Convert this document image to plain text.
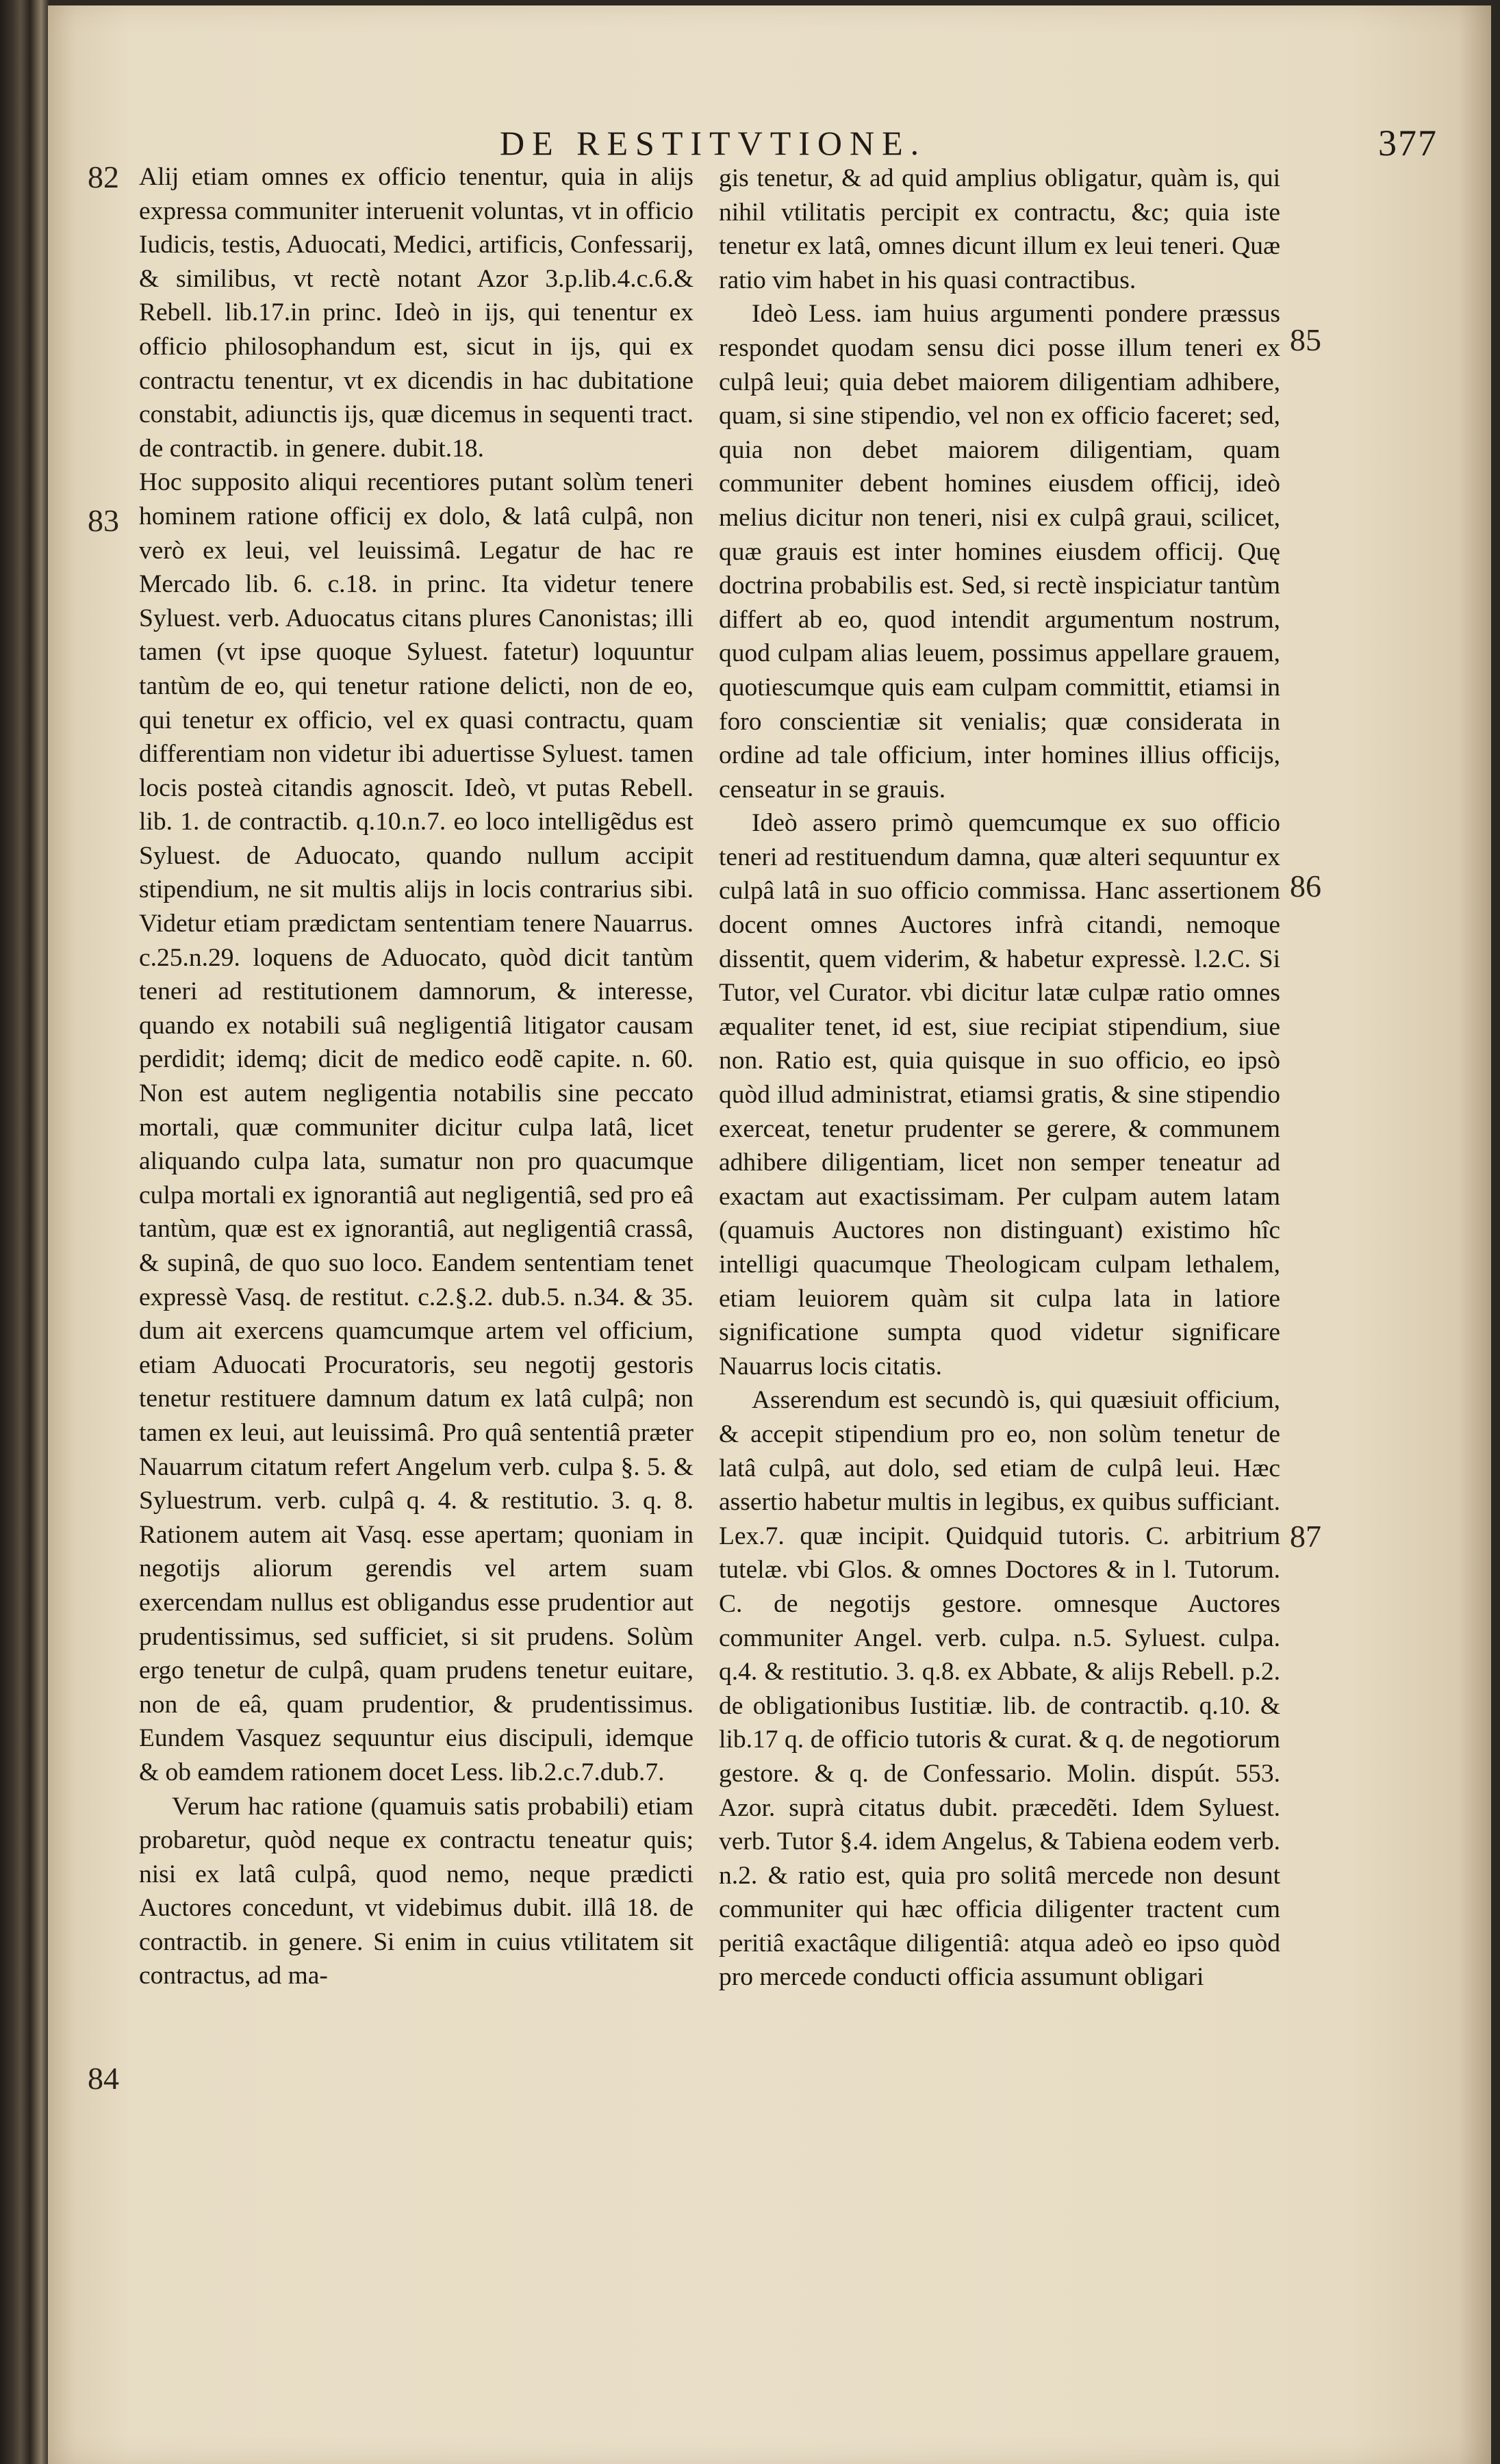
DE RESTITVTIONE.	377
82
83
84
85
86
87

Alij etiam omnes ex officio tenentur, quia in alijs expressa communiter interuenit voluntas, vt in officio Iudicis, testis, Aduocati, Medici, artificis, Confessarij, & similibus, vt rectè notant Azor 3.p.lib.4.c.6.& Rebell. lib.17.in princ. Ideò in ijs, qui tenentur ex officio philosophandum est, sicut in ijs, qui ex contractu tenentur, vt ex dicendis in hac dubitatione constabit, adiunctis ijs, quæ dicemus in sequenti tract. de contractib. in genere. dubit.18.

Hoc supposito aliqui recentiores putant solùm teneri hominem ratione officij ex dolo, & latâ culpâ, non verò ex leui, vel leuissimâ. Legatur de hac re Mercado lib. 6. c.18. in princ. Ita videtur tenere Syluest. verb. Aduocatus citans plures Canonistas; illi tamen (vt ipse quoque Syluest. fatetur) loquuntur tantùm de eo, qui tenetur ratione delicti, non de eo, qui tenetur ex officio, vel ex quasi contractu, quam differentiam non videtur ibi aduertisse Syluest. tamen locis posteà citandis agnoscit. Ideò, vt putas Rebell. lib. 1. de contractib. q.10.n.7. eo loco intelligẽdus est Syluest. de Aduocato, quando nullum accipit stipendium, ne sit multis alijs in locis contrarius sibi. Videtur etiam prædictam sententiam tenere Nauarrus. c.25.n.29. loquens de Aduocato, quòd dicit tantùm teneri ad restitutionem damnorum, & interesse, quando ex notabili suâ negligentiâ litigator causam perdidit; idemq; dicit de medico eodẽ capite. n. 60. Non est autem negligentia notabilis sine peccato mortali, quæ communiter dicitur culpa latâ, licet aliquando culpa lata, sumatur non pro quacumque culpa mortali ex ignorantiâ aut negligentiâ, sed pro eâ tantùm, quæ est ex ignorantiâ, aut negligentiâ crassâ, & supinâ, de quo suo loco. Eandem sententiam tenet expressè Vasq. de restitut. c.2.§.2. dub.5. n.34. & 35. dum ait exercens quamcumque artem vel officium, etiam Aduocati Procuratoris, seu negotij gestoris tenetur restituere damnum datum ex latâ culpâ; non tamen ex leui, aut leuissimâ. Pro quâ sententiâ præter Nauarrum citatum refert Angelum verb. culpa §. 5. & Syluestrum. verb. culpâ q. 4. & restitutio. 3. q. 8. Rationem autem ait Vasq. esse apertam; quoniam in negotijs aliorum gerendis vel artem suam exercendam nullus est obligandus esse prudentior aut prudentissimus, sed sufficiet, si sit prudens. Solùm ergo tenetur de culpâ, quam prudens tenetur euitare, non de eâ, quam prudentior, & prudentissimus. Eundem Vasquez sequuntur eius discipuli, idemque & ob eamdem rationem docet Less. lib.2.c.7.dub.7.

Verum hac ratione (quamuis satis probabili) etiam probaretur, quòd neque ex contractu teneatur quis; nisi ex latâ culpâ, quod nemo, neque prædicti Auctores concedunt, vt videbimus dubit. illâ 18. de contractib. in genere. Si enim in cuius vtilitatem sit contractus, ad ma-

gis tenetur, & ad quid amplius obligatur, quàm is, qui nihil vtilitatis percipit ex contractu, &c; quia iste tenetur ex latâ, omnes dicunt illum ex leui teneri. Quæ ratio vim habet in his quasi contractibus.

Ideò Less. iam huius argumenti pondere præssus respondet quodam sensu dici posse illum teneri ex culpâ leui; quia debet maiorem diligentiam adhibere, quam, si sine stipendio, vel non ex officio faceret; sed, quia non debet maiorem diligentiam, quam communiter debent homines eiusdem officij, ideò melius dicitur non teneri, nisi ex culpâ graui, scilicet, quæ grauis est inter homines eiusdem officij. Quę doctrina probabilis est. Sed, si rectè inspiciatur tantùm differt ab eo, quod intendit argumentum nostrum, quod culpam alias leuem, possimus appellare grauem, quotiescumque quis eam culpam committit, etiamsi in foro conscientiæ sit venialis; quæ considerata in ordine ad tale officium, inter homines illius officijs, censeatur in se grauis.

Ideò assero primò quemcumque ex suo officio teneri ad restituendum damna, quæ alteri sequuntur ex culpâ latâ in suo officio commissa. Hanc assertionem docent omnes Auctores infrà citandi, nemoque dissentit, quem viderim, & habetur expressè. l.2.C. Si Tutor, vel Curator. vbi dicitur latæ culpæ ratio omnes æqualiter tenet, id est, siue recipiat stipendium, siue non. Ratio est, quia quisque in suo officio, eo ipsò quòd illud administrat, etiamsi gratis, & sine stipendio exerceat, tenetur prudenter se gerere, & communem adhibere diligentiam, licet non semper teneatur ad exactam aut exactissimam. Per culpam autem latam (quamuis Auctores non distinguant) existimo hîc intelligi quacumque Theologicam culpam lethalem, etiam leuiorem quàm sit culpa lata in latiore significatione sumpta quod videtur significare Nauarrus locis citatis.

Asserendum est secundò is, qui quæsiuit officium, & accepit stipendium pro eo, non solùm tenetur de latâ culpâ, aut dolo, sed etiam de culpâ leui. Hæc assertio habetur multis in legibus, ex quibus sufficiant. Lex.7. quæ incipit. Quidquid tutoris. C. arbitrium tutelæ. vbi Glos. & omnes Doctores & in l. Tutorum. C. de negotijs gestore. omnesque Auctores communiter Angel. verb. culpa. n.5. Syluest. culpa. q.4. & restitutio. 3. q.8. ex Abbate, & alijs Rebell. p.2. de obligationibus Iustitiæ. lib. de contractib. q.10. & lib.17 q. de officio tutoris & curat. & q. de negotiorum gestore. & q. de Confessario. Molin. dispút. 553. Azor. suprà citatus dubit. præcedẽti. Idem Syluest. verb. Tutor §.4. idem Angelus, & Tabiena eodem verb. n.2. & ratio est, quia pro solitâ mercede non desunt communiter qui hæc officia diligenter tractent cum peritiâ exactâque diligentiâ: atqua adeò eo ipso quòd pro mercede conducti officia assumunt obligari
